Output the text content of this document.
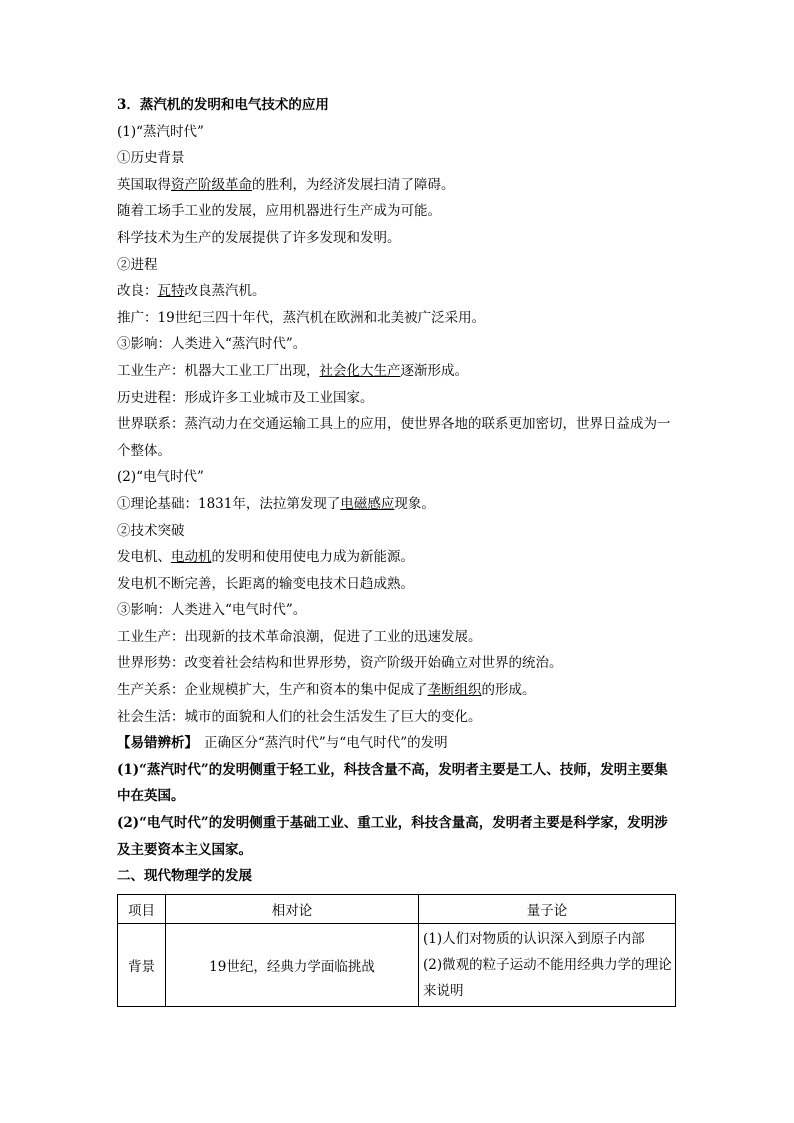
3．蒸汽机的发明和电气技术的应用
(1)“蒸汽时代”
①历史背景
英国取得资产阶级革命的胜利，为经济发展扫清了障碍。
随着工场手工业的发展，应用机器进行生产成为可能。
科学技术为生产的发展提供了许多发现和发明。
②进程
改良：瓦特改良蒸汽机。
推广：19世纪三四十年代，蒸汽机在欧洲和北美被广泛采用。
③影响：人类进入“蒸汽时代”。
工业生产：机器大工业工厂出现，社会化大生产逐渐形成。
历史进程：形成许多工业城市及工业国家。
世界联系：蒸汽动力在交通运输工具上的应用，使世界各地的联系更加密切，世界日益成为一个整体。
(2)“电气时代”
①理论基础：1831年，法拉第发现了电磁感应现象。
②技术突破
发电机、电动机的发明和使用使电力成为新能源。
发电机不断完善，长距离的输变电技术日趋成熟。
③影响：人类进入“电气时代”。
工业生产：出现新的技术革命浪潮，促进了工业的迅速发展。
世界形势：改变着社会结构和世界形势，资产阶级开始确立对世界的统治。
生产关系：企业规模扩大，生产和资本的集中促成了垄断组织的形成。
社会生活：城市的面貌和人们的社会生活发生了巨大的变化。
【易错辨析】 正确区分“蒸汽时代”与“电气时代”的发明
(1)“蒸汽时代”的发明侧重于轻工业，科技含量不高，发明者主要是工人、技师，发明主要集中在英国。
(2)“电气时代”的发明侧重于基础工业、重工业，科技含量高，发明者主要是科学家，发明涉及主要资本主义国家。
二、现代物理学的发展
项目	相对论	量子论
背景	19世纪，经典力学面临挑战	(1)人们对物质的认识深入到原子内部
(2)微观的粒子运动不能用经典力学的理论来说明
